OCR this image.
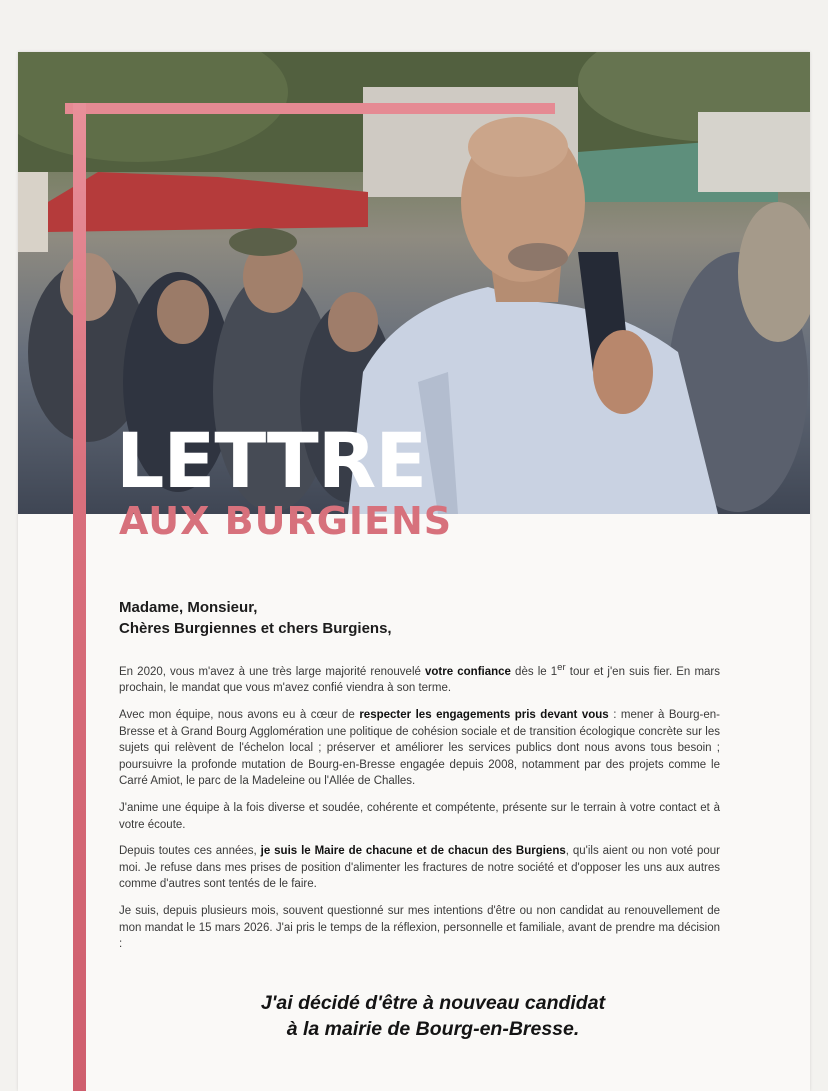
LETTRE
AUX BURGIENS
Madame, Monsieur,
Chères Burgiennes et chers Burgiens,

En 2020, vous m'avez à une très large majorité renouvelé votre confiance dès le 1er tour et j'en suis fier. En mars prochain, le mandat que vous m'avez confié viendra à son terme.

Avec mon équipe, nous avons eu à cœur de respecter les engagements pris devant vous : mener à Bourg-en-Bresse et à Grand Bourg Agglomération une politique de cohésion sociale et de transition écologique concrète sur les sujets qui relèvent de l'échelon local ; préserver et améliorer les services publics dont nous avons tous besoin ; poursuivre la profonde mutation de Bourg-en-Bresse engagée depuis 2008, notamment par des projets comme le Carré Amiot, le parc de la Madeleine ou l'Allée de Challes.

J'anime une équipe à la fois diverse et soudée, cohérente et compétente, présente sur le terrain à votre contact et à votre écoute.

Depuis toutes ces années, je suis le Maire de chacune et de chacun des Burgiens, qu'ils aient ou non voté pour moi. Je refuse dans mes prises de position d'alimenter les fractures de notre société et d'opposer les uns aux autres comme d'autres sont tentés de le faire.

Je suis, depuis plusieurs mois, souvent questionné sur mes intentions d'être ou non candidat au renouvellement de mon mandat le 15 mars 2026. J'ai pris le temps de la réflexion, personnelle et familiale, avant de prendre ma décision :

J'ai décidé d'être à nouveau candidat
à la mairie de Bourg-en-Bresse.
